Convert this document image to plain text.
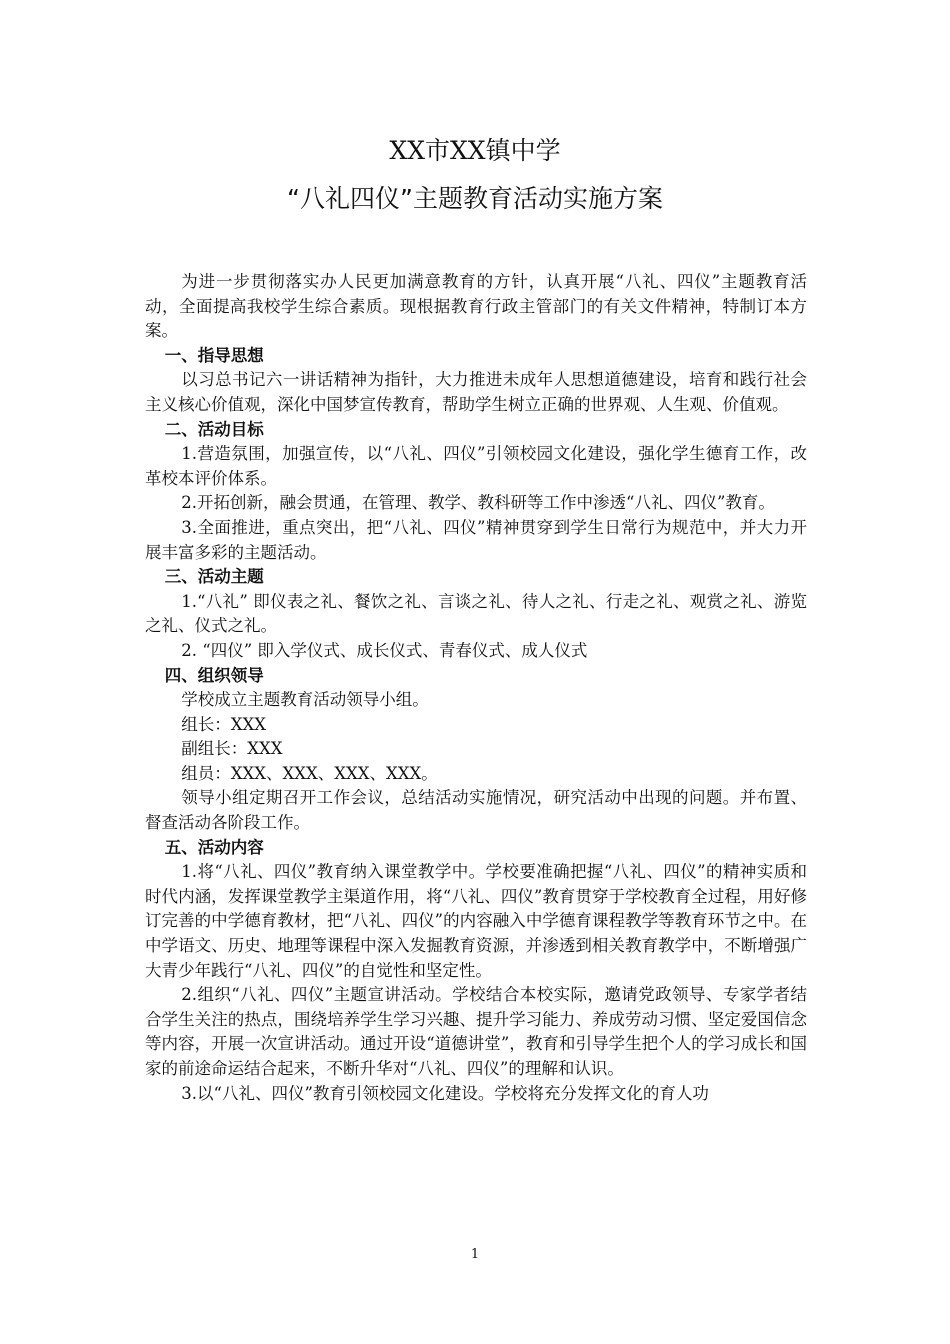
XX市XX镇中学
“八礼四仪”主题教育活动实施方案

为进一步贯彻落实办人民更加满意教育的方针，认真开展“八礼、四仪”主题教育活动，全面提高我校学生综合素质。现根据教育行政主管部门的有关文件精神，特制订本方案。

一、指导思想

以习总书记六一讲话精神为指针，大力推进未成年人思想道德建设，培育和践行社会主义核心价值观，深化中国梦宣传教育，帮助学生树立正确的世界观、人生观、价值观。

二、活动目标

1.营造氛围，加强宣传，以“八礼、四仪”引领校园文化建设，强化学生德育工作，改革校本评价体系。

2.开拓创新，融会贯通，在管理、教学、教科研等工作中渗透“八礼、四仪”教育。

3.全面推进，重点突出，把“八礼、四仪”精神贯穿到学生日常行为规范中，并大力开展丰富多彩的主题活动。

三、活动主题

1.“八礼” 即仪表之礼、餐饮之礼、言谈之礼、待人之礼、行走之礼、观赏之礼、游览之礼、仪式之礼。

2. “四仪” 即入学仪式、成长仪式、青春仪式、成人仪式

四、组织领导

学校成立主题教育活动领导小组。

组长：XXX

副组长：XXX

组员：XXX、XXX、XXX、XXX。

领导小组定期召开工作会议，总结活动实施情况，研究活动中出现的问题。并布置、督查活动各阶段工作。

五、活动内容

1.将“八礼、四仪”教育纳入课堂教学中。学校要准确把握“八礼、四仪”的精神实质和时代内涵，发挥课堂教学主渠道作用，将“八礼、四仪”教育贯穿于学校教育全过程，用好修订完善的中学德育教材，把“八礼、四仪”的内容融入中学德育课程教学等教育环节之中。在中学语文、历史、地理等课程中深入发掘教育资源，并渗透到相关教育教学中，不断增强广大青少年践行“八礼、四仪”的自觉性和坚定性。

2.组织“八礼、四仪”主题宣讲活动。学校结合本校实际，邀请党政领导、专家学者结合学生关注的热点，围绕培养学生学习兴趣、提升学习能力、养成劳动习惯、坚定爱国信念等内容，开展一次宣讲活动。通过开设“道德讲堂”，教育和引导学生把个人的学习成长和国家的前途命运结合起来，不断升华对“八礼、四仪”的理解和认识。

3.以“八礼、四仪”教育引领校园文化建设。学校将充分发挥文化的育人功

1
